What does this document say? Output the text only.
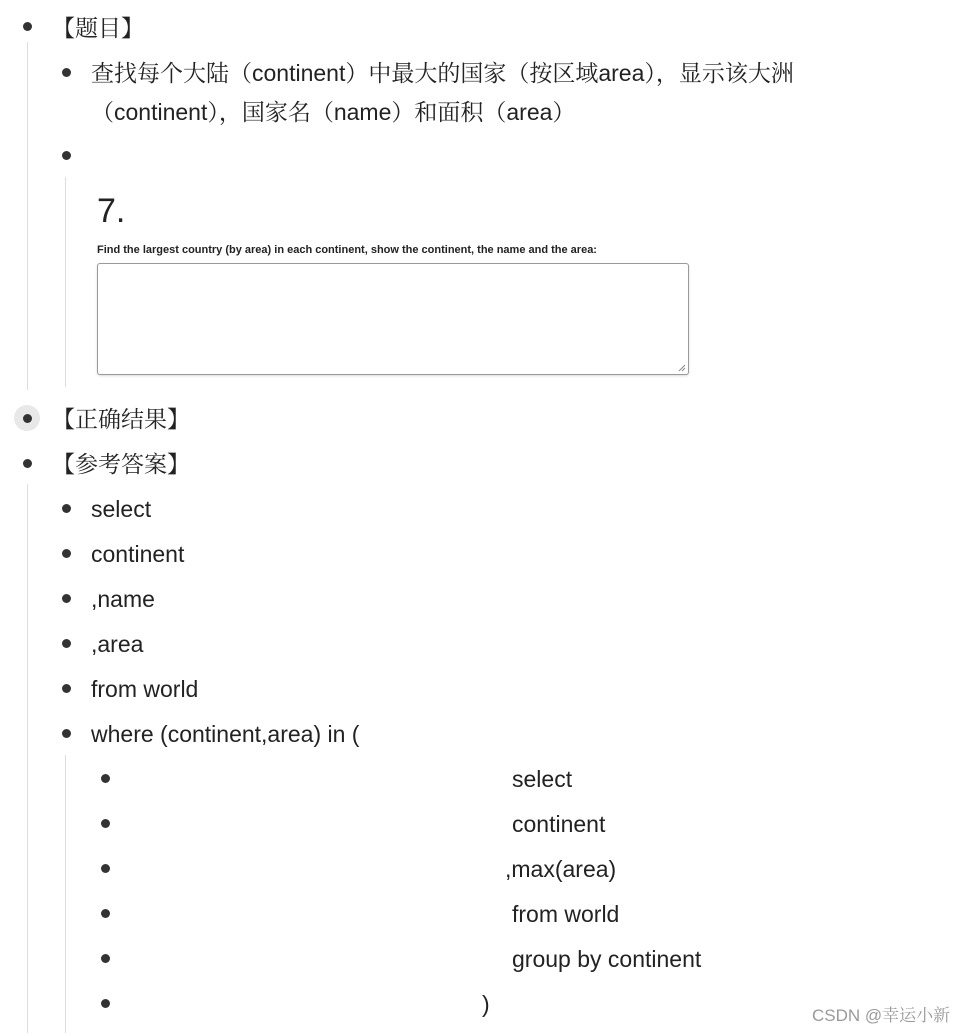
【题目】
查找每个大陆（continent）中最大的国家（按区域area），显示该大洲
（continent），国家名（name）和面积（area）
7.
Find the largest country (by area) in each continent, show the continent, the name and the area:
【正确结果】
【参考答案】
select
continent
,name
,area
from world
where (continent,area) in (
select
continent
,max(area)
from world
group by continent
)	CSDN @幸运小新
